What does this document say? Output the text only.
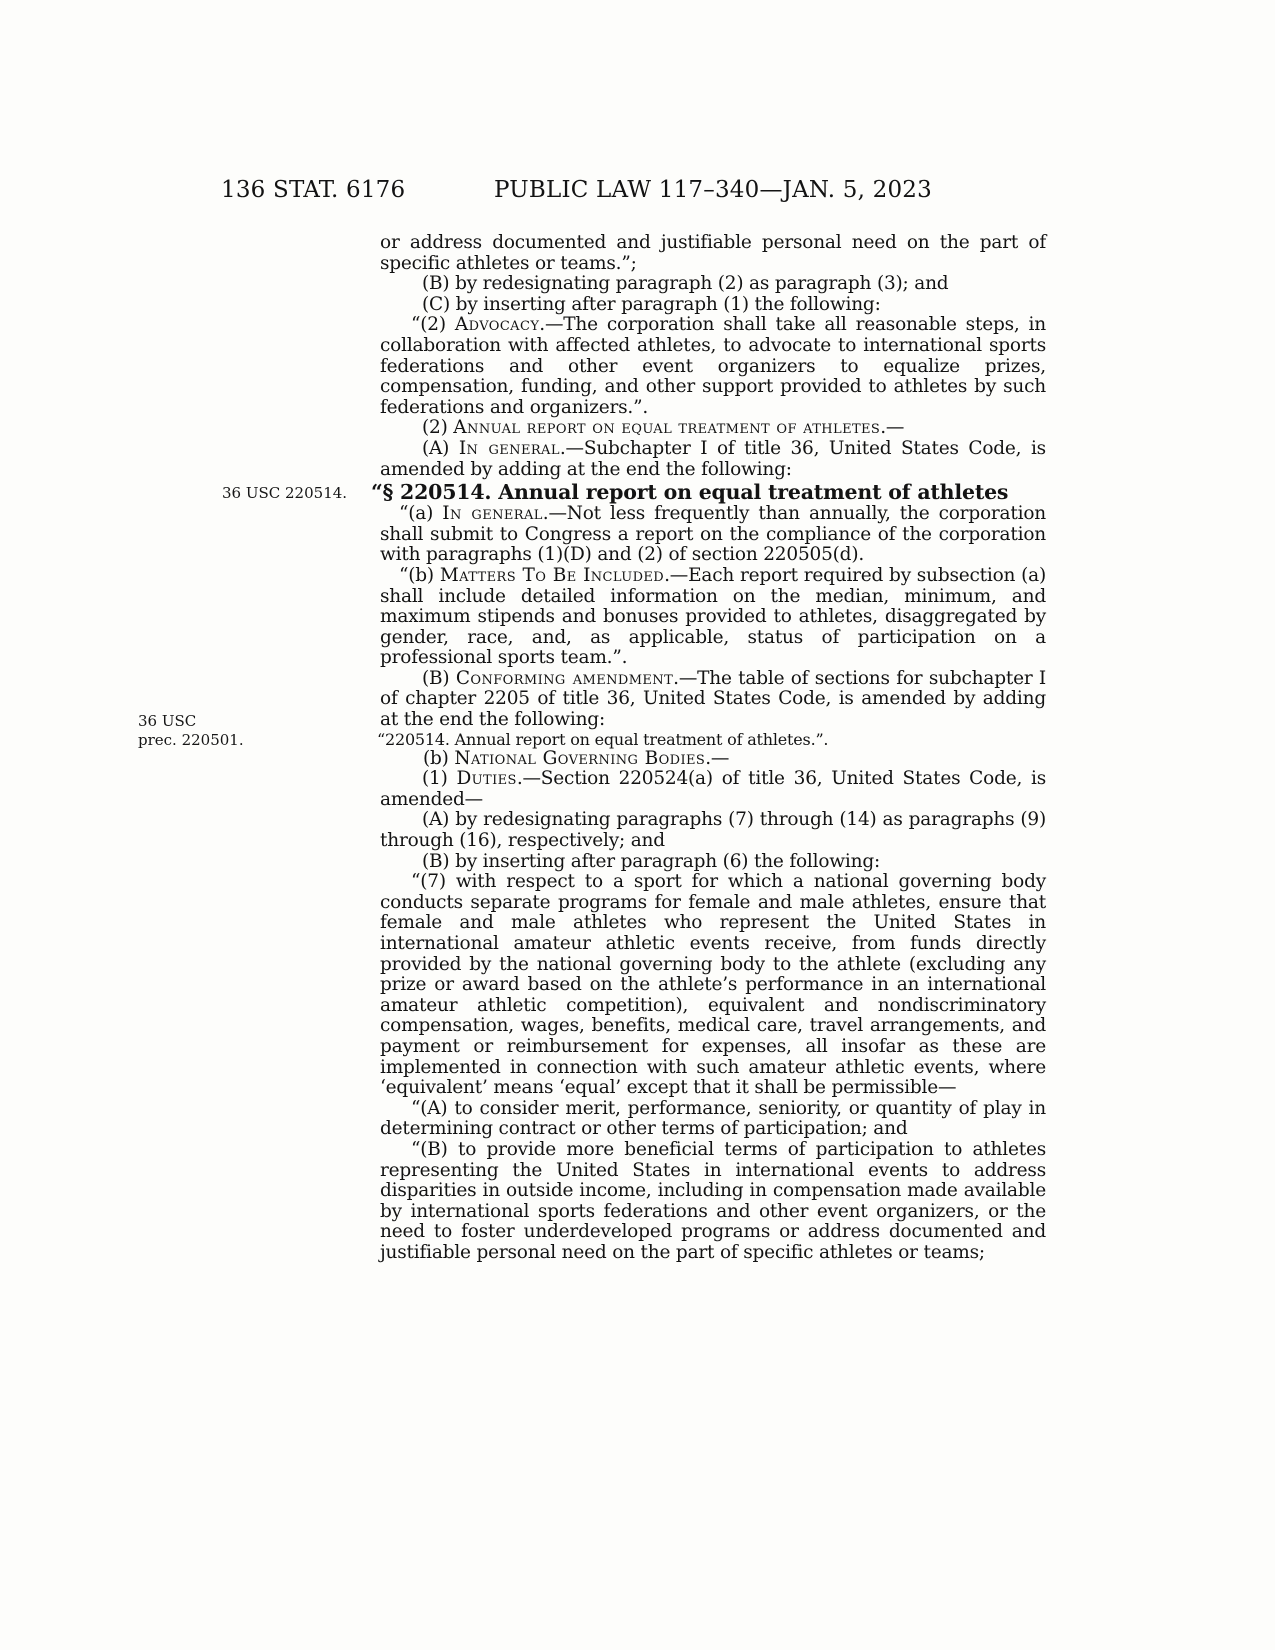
136 STAT. 6176	PUBLIC LAW 117–340—JAN. 5, 2023

or address documented and justifiable personal need on the part of specific athletes or teams.”;

(B) by redesignating paragraph (2) as paragraph (3); and

(C) by inserting after paragraph (1) the following:

“(2) Advocacy.—The corporation shall take all reasonable steps, in collaboration with affected athletes, to advocate to international sports federations and other event organizers to equalize prizes, compensation, funding, and other support provided to athletes by such federations and organizers.”.

(2) Annual report on equal treatment of athletes.—

(A) In general.—Subchapter I of title 36, United States Code, is amended by adding at the end the following:

“§ 220514. Annual report on equal treatment of athletes
36 USC 220514.

“(a) In general.—Not less frequently than annually, the corporation shall submit to Congress a report on the compliance of the corporation with paragraphs (1)(D) and (2) of section 220505(d).

“(b) Matters To Be Included.—Each report required by subsection (a) shall include detailed information on the median, minimum, and maximum stipends and bonuses provided to athletes, disaggregated by gender, race, and, as applicable, status of participation on a professional sports team.”.

(B) Conforming amendment.—The table of sections for subchapter I of chapter 2205 of title 36, United States Code, is amended by adding at the end the following:
36 USC
prec. 220501.	“220514. Annual report on equal treatment of athletes.”.

(b) National Governing Bodies.—

(1) Duties.—Section 220524(a) of title 36, United States Code, is amended—

(A) by redesignating paragraphs (7) through (14) as paragraphs (9) through (16), respectively; and

(B) by inserting after paragraph (6) the following:

“(7) with respect to a sport for which a national governing body conducts separate programs for female and male athletes, ensure that female and male athletes who represent the United States in international amateur athletic events receive, from funds directly provided by the national governing body to the athlete (excluding any prize or award based on the athlete’s performance in an international amateur athletic competition), equivalent and nondiscriminatory compensation, wages, benefits, medical care, travel arrangements, and payment or reimbursement for expenses, all insofar as these are implemented in connection with such amateur athletic events, where ‘equivalent’ means ‘equal’ except that it shall be permissible—

“(A) to consider merit, performance, seniority, or quantity of play in determining contract or other terms of participation; and

“(B) to provide more beneficial terms of participation to athletes representing the United States in international events to address disparities in outside income, including in compensation made available by international sports federations and other event organizers, or the need to foster underdeveloped programs or address documented and justifiable personal need on the part of specific athletes or teams;
